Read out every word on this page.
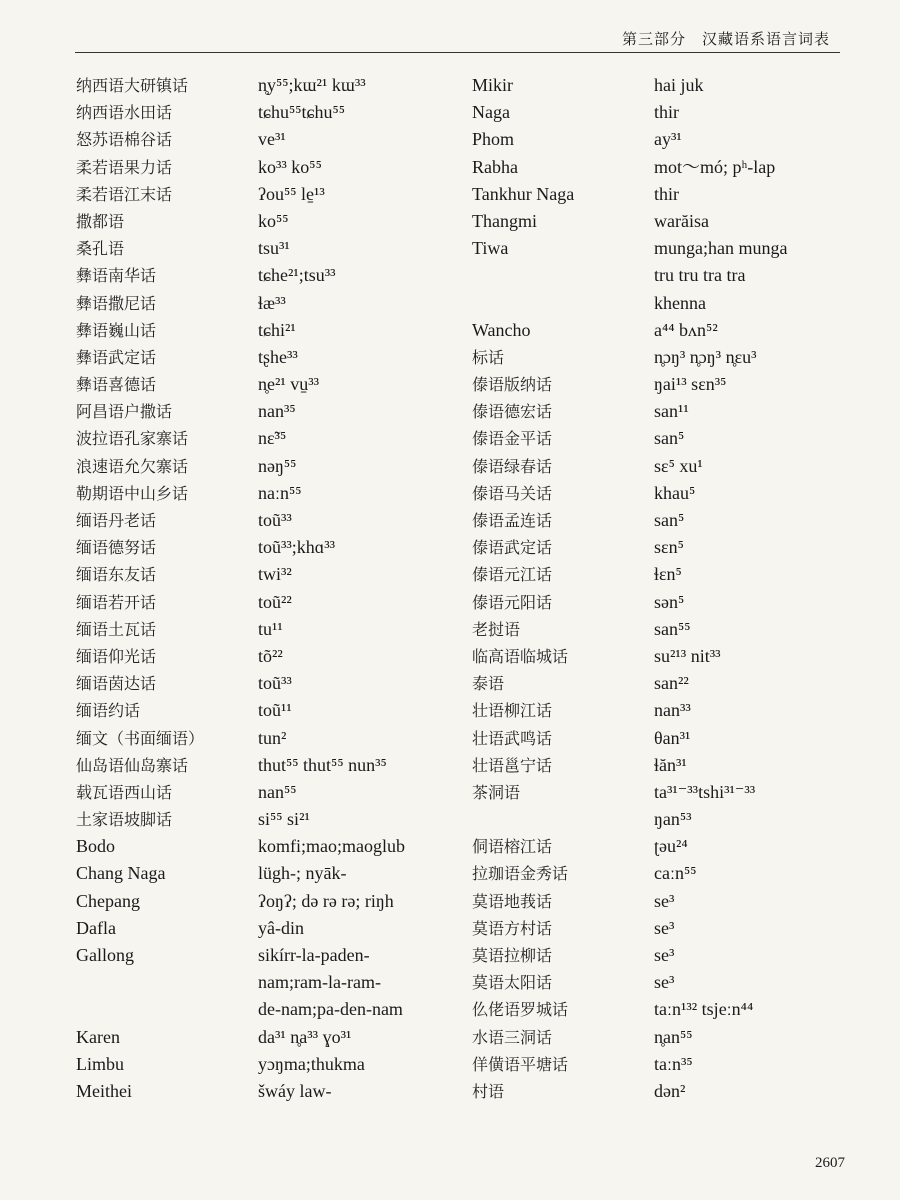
第三部分　汉藏语系语言词表
纳西语大研镇话
纳西语水田话
怒苏语棉谷话
柔若语果力话
柔若语江末话
撒都语
桑孔语
彝语南华话
彝语撒尼话
彝语巍山话
彝语武定话
彝语喜德话
阿昌语户撒话
波拉语孔家寨话
浪速语允欠寨话
勒期语中山乡话
缅语丹老话
缅语德努话
缅语东友话
缅语若开话
缅语土瓦话
缅语仰光话
缅语茵达话
缅语约话
缅文（书面缅语）
仙岛语仙岛寨话
载瓦语西山话
土家语坡脚话
Bodo
Chang Naga
Chepang
Dafla
Gallong
Karen
Limbu
Meithei
n̥y⁵⁵;kɯ²¹ kɯ³³
tɕhu⁵⁵tɕhu⁵⁵
ve³¹
ko³³ ko⁵⁵
ʔou⁵⁵ le̠¹³
ko⁵⁵
tsu³¹
tɕhe²¹;tsu³³
ɬæ³³
tɕhi²¹
tʂhe³³
n̥e²¹ vu̠³³
nan³⁵
nɛ̃³⁵
nəŋ⁵⁵
naːn⁵⁵
toũ³³
toũ³³;khɑ³³
twi³²
toũ²²
tu¹¹
tõ²²
toũ³³
toũ¹¹
tun²
thut⁵⁵ thut⁵⁵ nun³⁵
nan⁵⁵
si⁵⁵ si²¹
komfi;mao;maoglub
lügh-; nyāk-
ʔoŋʔ; də rə rə; riŋh
yâ-din
sikírr-la-paden-
nam;ram-la-ram-
de-nam;pa-den-nam
da³¹ n̥a³³ ɣo³¹
yɔŋma;thukma
šwáy law-
Mikir
Naga
Phom
Rabha
Tankhur Naga
Thangmi
Tiwa
Wancho
标话
傣语版纳话
傣语德宏话
傣语金平话
傣语绿春话
傣语马关话
傣语孟连话
傣语武定话
傣语元江话
傣语元阳话
老挝语
临高语临城话
泰语
壮语柳江话
壮语武鸣话
壮语邕宁话
茶洞语
侗语榕江话
拉珈语金秀话
莫语地莪话
莫语方村话
莫语拉柳话
莫语太阳话
仫佬语罗城话
水语三洞话
佯僙语平塘话
村语
hai juk
thir
ay³¹
mot～mó; pʰ-lap
thir
warăisa
munga;han munga
tru tru tra tra
khenna
a⁴⁴ bʌn⁵²
n̥ɔŋ³ n̥ɔŋ³ n̥ɛu³
ŋai¹³ sɛn³⁵
san¹¹
san⁵
sɛ⁵ xu¹
khau⁵
san⁵
sɛn⁵
ɬɛn⁵
sən⁵
san⁵⁵
su²¹³ nit³³
san²²
nan³³
θan³¹
ɬăn³¹
ta³¹⁻³³tshi³¹⁻³³
ŋan⁵³
ʈəu²⁴
caːn⁵⁵
se³
se³
se³
se³
taːn¹³² tsjeːn⁴⁴
n̥an⁵⁵
taːn³⁵
dən²
2607
